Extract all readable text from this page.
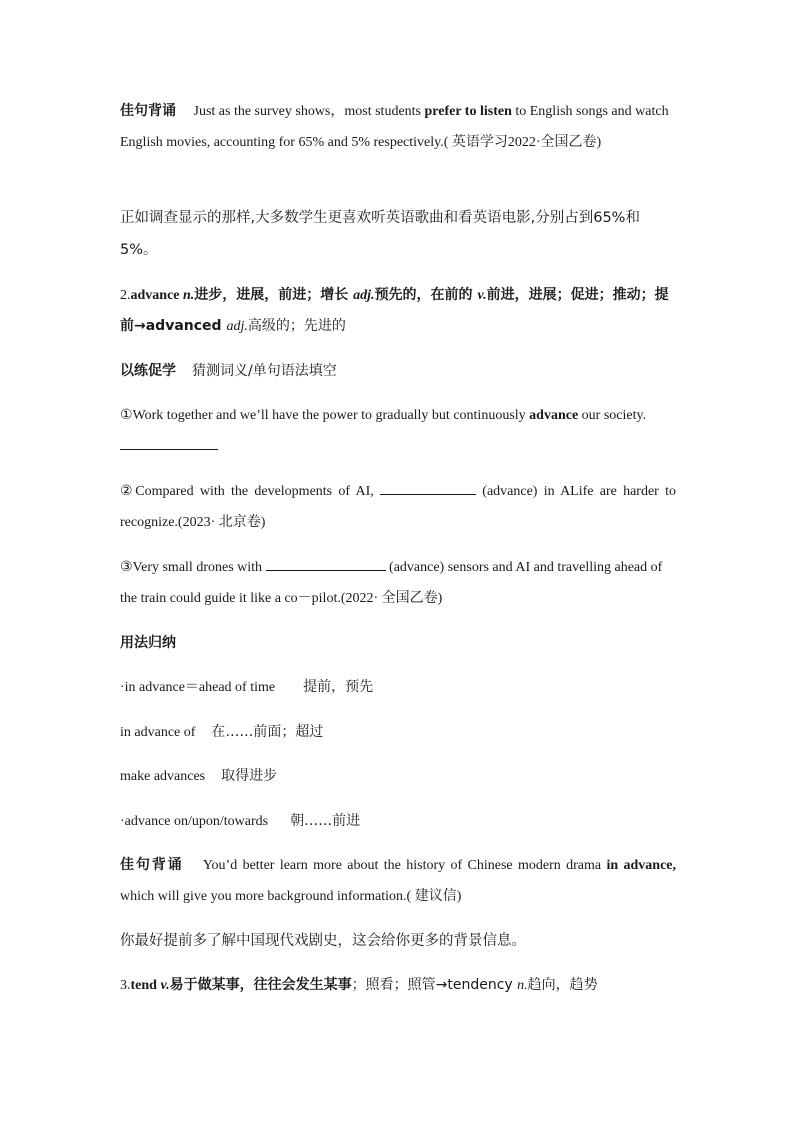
佳句背诵 Just as the survey shows，most students prefer to listen to English songs and watch English movies, accounting for 65% and 5% respectively.( 英语学习2022·全国乙卷)
正如调查显示的那样,大多数学生更喜欢听英语歌曲和看英语电影,分别占到65%和 5%。
2.advance n.进步，进展，前进；增长 adj.预先的，在前的 v.前进，进展；促进；推动；提前→advanced adj.高级的；先进的
以练促学 猜测词义/单句语法填空
①Work together and we’ll have the power to gradually but continuously advance our society.
②Compared with the developments of AI,	(advance) in ALife are harder to recognize.(2023· 北京卷)
③Very small drones with	(advance) sensors and AI and travelling ahead of the train could guide it like a co－pilot.(2022· 全国乙卷)
用法归纳
·in advance＝ahead of time 提前，预先
in advance of 在……前面；超过
make advances 取得进步
·advance on/upon/towards 朝……前进
佳句背诵 You’d better learn more about the history of Chinese modern drama in advance, which will give you more background information.( 建议信)
你最好提前多了解中国现代戏剧史，这会给你更多的背景信息。
3.tend v.易于做某事，往往会发生某事；照看；照管→tendency n.趋向，趋势
